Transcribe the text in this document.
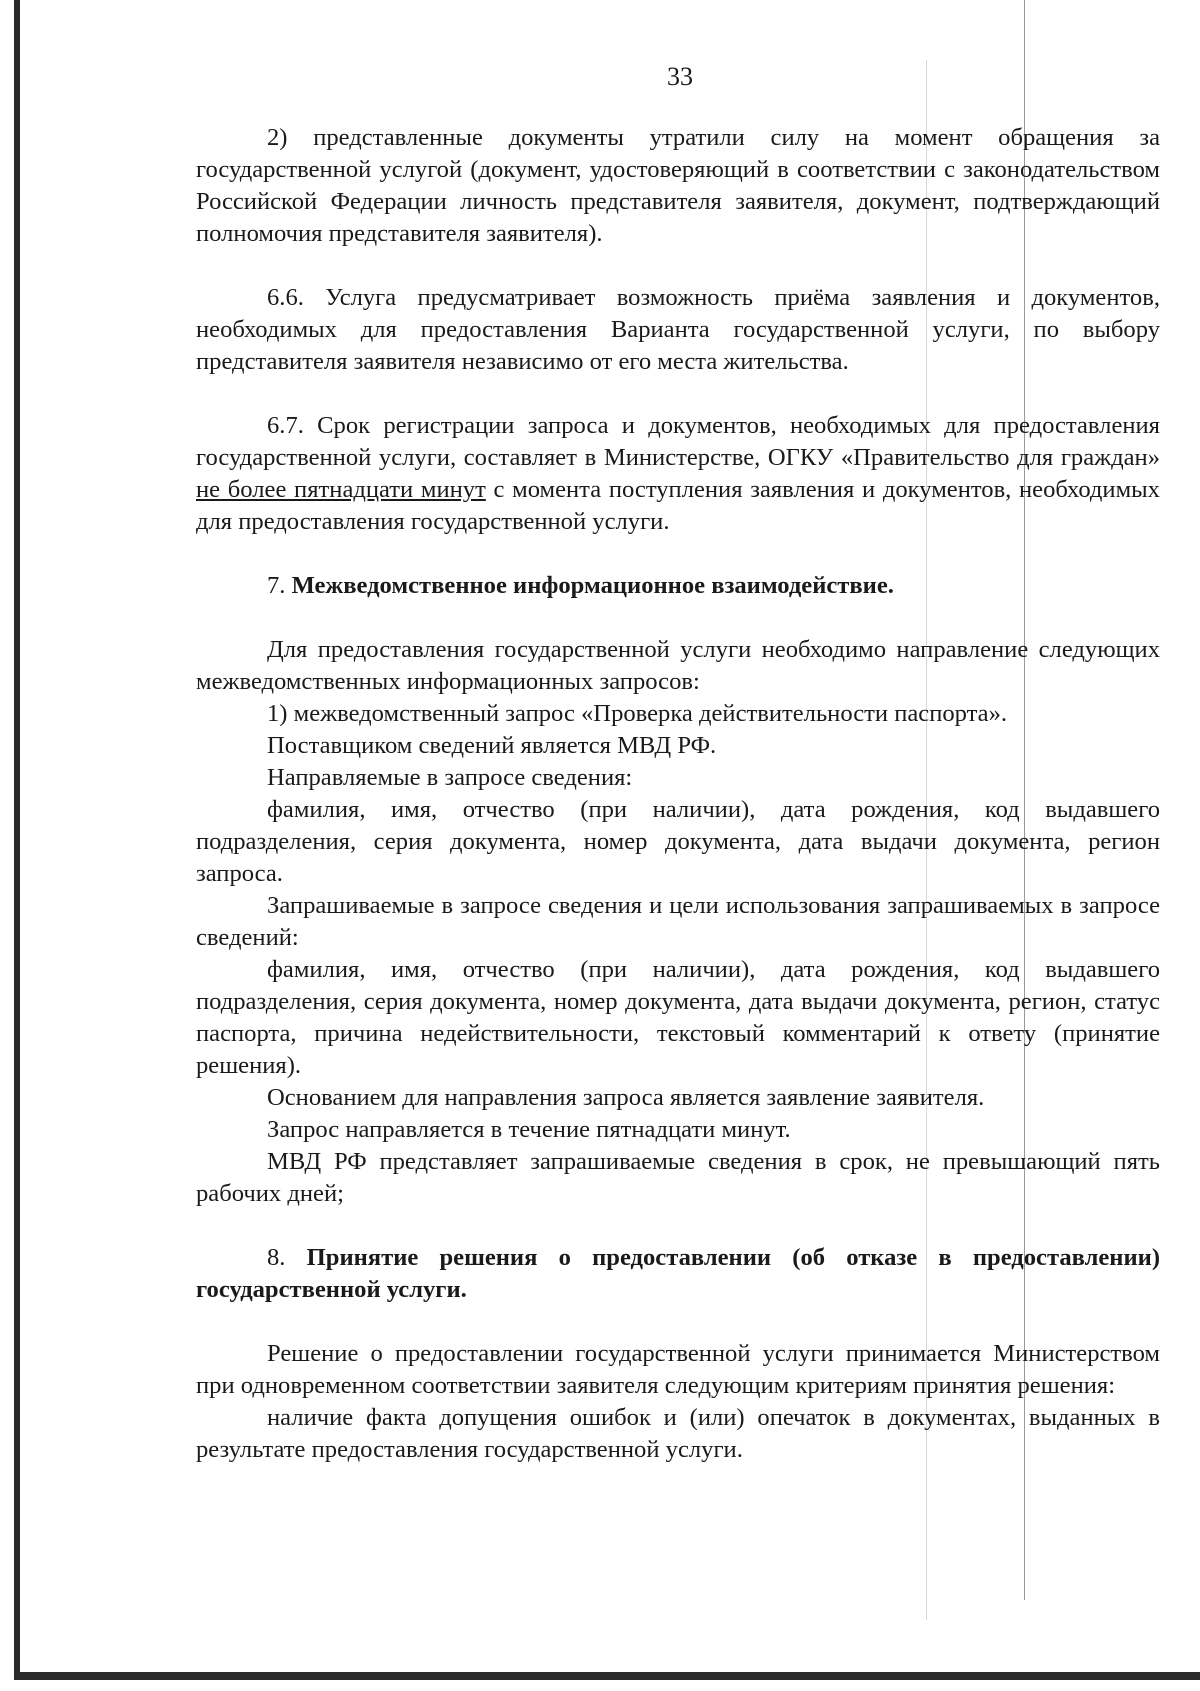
33

2) представленные документы утратили силу на момент обращения за государственной услугой (документ, удостоверяющий в соответствии с законодательством Российской Федерации личность представителя заявителя, документ, подтверждающий полномочия представителя заявителя).

6.6. Услуга предусматривает возможность приёма заявления и документов, необходимых для предоставления Варианта государственной услуги, по выбору представителя заявителя независимо от его места жительства.

6.7. Срок регистрации запроса и документов, необходимых для предоставления государственной услуги, составляет в Министерстве, ОГКУ «Правительство для граждан» не более пятнадцати минут с момента поступления заявления и документов, необходимых для предоставления государственной услуги.

7. Межведомственное информационное взаимодействие.

Для предоставления государственной услуги необходимо направление следующих межведомственных информационных запросов:

1) межведомственный запрос «Проверка действительности паспорта».

Поставщиком сведений является МВД РФ.

Направляемые в запросе сведения:

фамилия, имя, отчество (при наличии), дата рождения, код выдавшего подразделения, серия документа, номер документа, дата выдачи документа, регион запроса.

Запрашиваемые в запросе сведения и цели использования запрашиваемых в запросе сведений:

фамилия, имя, отчество (при наличии), дата рождения, код выдавшего подразделения, серия документа, номер документа, дата выдачи документа, регион, статус паспорта, причина недействительности, текстовый комментарий к ответу (принятие решения).

Основанием для направления запроса является заявление заявителя.

Запрос направляется в течение пятнадцати минут.

МВД РФ представляет запрашиваемые сведения в срок, не превышающий пять рабочих дней;

8. Принятие решения о предоставлении (об отказе в предоставлении) государственной услуги.

Решение о предоставлении государственной услуги принимается Министерством при одновременном соответствии заявителя следующим критериям принятия решения:

наличие факта допущения ошибок и (или) опечаток в документах, выданных в результате предоставления государственной услуги.
